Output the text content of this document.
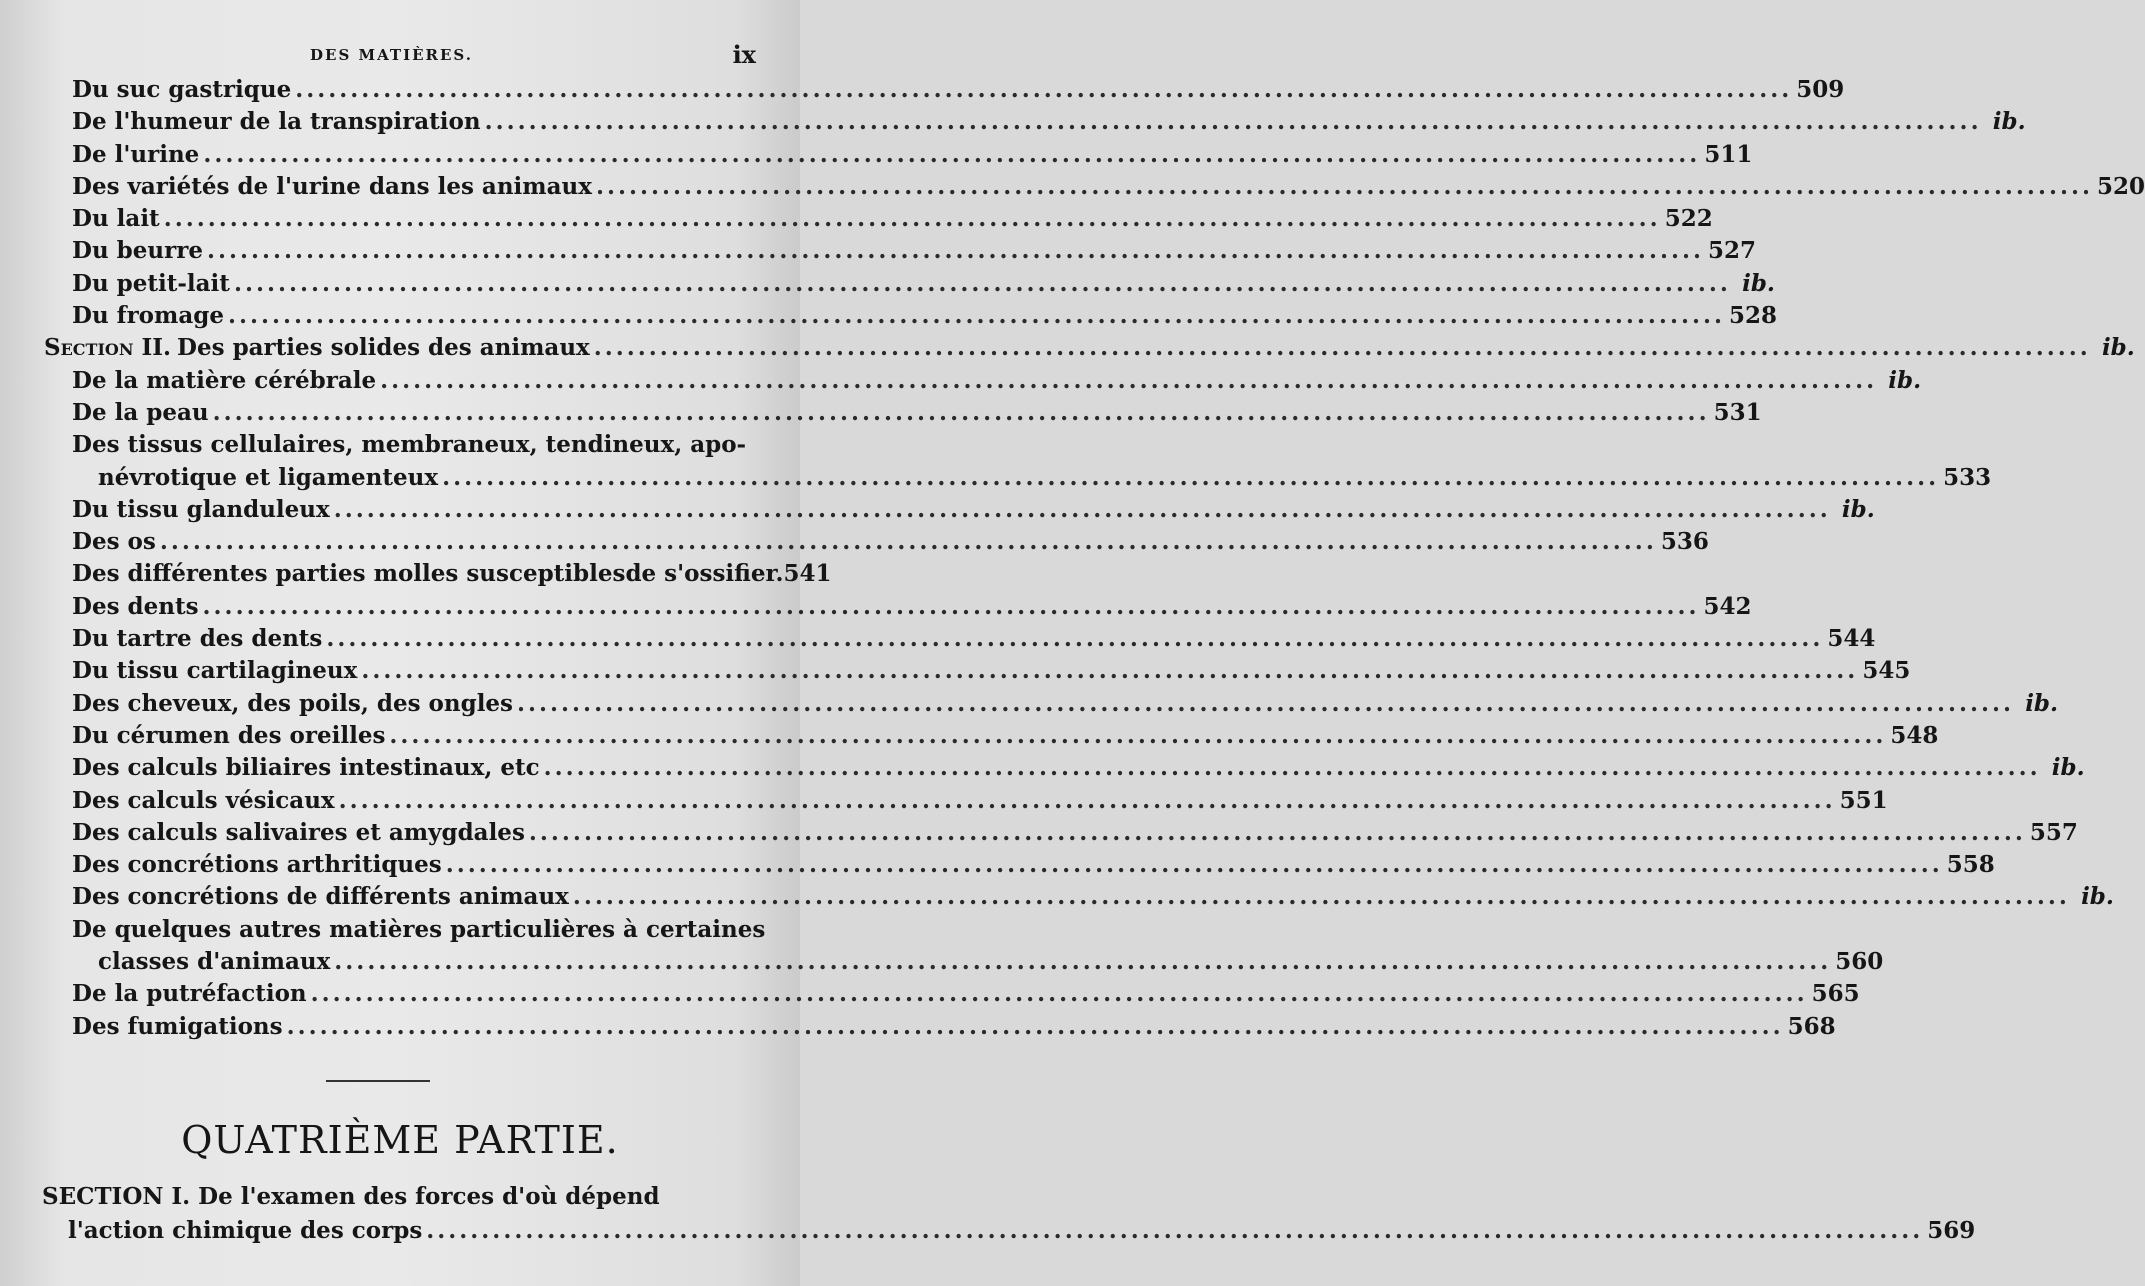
DES MATIÈRES.	ix
Du suc gastrique .....	509
De l'humeur de la transpiration .....	ib.
De l'urine .....	511
Des variétés de l'urine dans les animaux .....	520
Du lait .....	522
Du beurre .....	527
Du petit-lait .....	ib.
Du fromage .....	528
Section II. Des parties solides des animaux .....	ib.
De la matière cérébrale .....	ib.
De la peau .....	531
Des tissus cellulaires, membraneux, tendineux, apo-
névrotique et ligamenteux .....	533
Du tissu glanduleux .....	ib.
Des os .....	536
Des différentes parties molles susceptiblesde s'ossifier. 541
Des dents .....	542
Du tartre des dents .....	544
Du tissu cartilagineux .....	545
Des cheveux, des poils, des ongles .....	ib.
Du cérumen des oreilles .....	548
Des calculs biliaires intestinaux, etc .....	ib.
Des calculs vésicaux .....	551
Des calculs salivaires et amygdales .....	557
Des concrétions arthritiques .....	558
Des concrétions de différents animaux .....	ib.
De quelques autres matières particulières à certaines
classes d'animaux .....	560
De la putréfaction .....	565
Des fumigations .....	568
QUATRIÈME PARTIE.
SECTION I. De l'examen des forces d'où dépend
l'action chimique des corps .....	569
